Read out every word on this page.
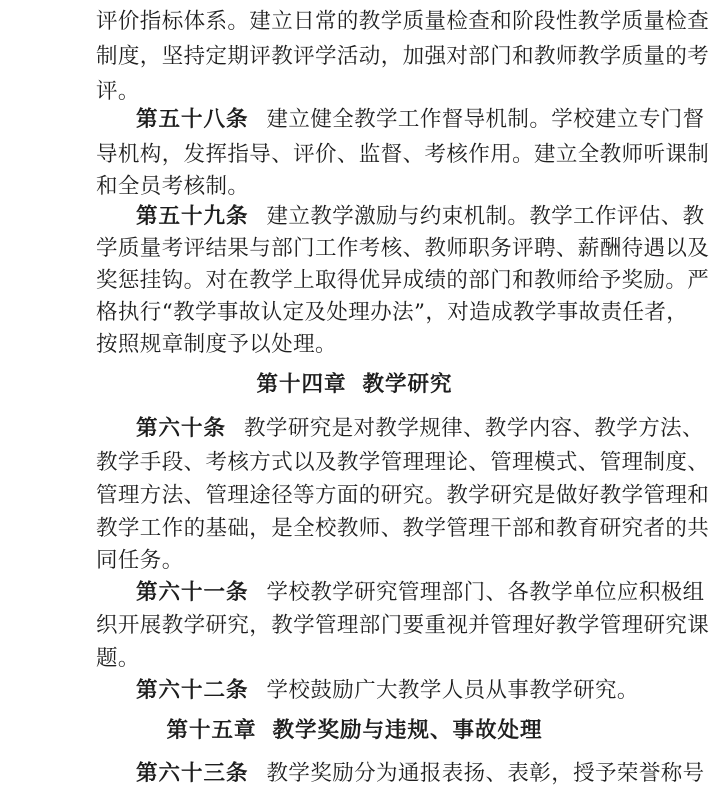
评价指标体系。建立日常的教学质量检查和阶段性教学质量检查
制度，坚持定期评教评学活动，加强对部门和教师教学质量的考
评。
第五十八条 建立健全教学工作督导机制。学校建立专门督
导机构，发挥指导、评价、监督、考核作用。建立全教师听课制
和全员考核制。
第五十九条 建立教学激励与约束机制。教学工作评估、教
学质量考评结果与部门工作考核、教师职务评聘、薪酬待遇以及
奖惩挂钩。对在教学上取得优异成绩的部门和教师给予奖励。严
格执行“教学事故认定及处理办法”，对造成教学事故责任者，
按照规章制度予以处理。
第十四章 教学研究
第六十条 教学研究是对教学规律、教学内容、教学方法、
教学手段、考核方式以及教学管理理论、管理模式、管理制度、
管理方法、管理途径等方面的研究。教学研究是做好教学管理和
教学工作的基础，是全校教师、教学管理干部和教育研究者的共
同任务。
第六十一条 学校教学研究管理部门、各教学单位应积极组
织开展教学研究，教学管理部门要重视并管理好教学管理研究课
题。
第六十二条 学校鼓励广大教学人员从事教学研究。
第十五章 教学奖励与违规、事故处理
第六十三条 教学奖励分为通报表扬、表彰，授予荣誉称号
